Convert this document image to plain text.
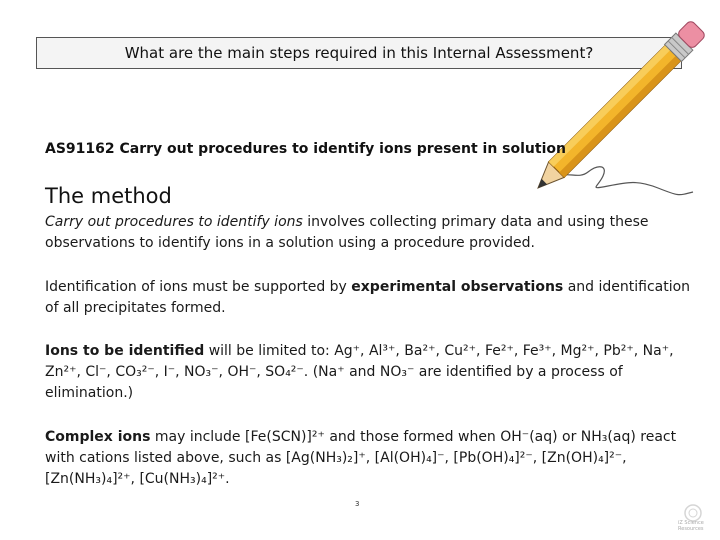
What are the main steps required in this Internal Assessment?
AS91162 Carry out procedures to identify ions present in solution
The method
Carry out procedures to identify ions involves collecting primary data and using these observations to identify ions in a solution using a procedure provided.
Identification of ions must be supported by experimental observations and identification of all precipitates formed.
Ions to be identified will be limited to: Ag⁺, Al³⁺, Ba²⁺, Cu²⁺, Fe²⁺, Fe³⁺, Mg²⁺, Pb²⁺, Na⁺, Zn²⁺, Cl⁻, CO₃²⁻, I⁻, NO₃⁻, OH⁻, SO₄²⁻. (Na⁺ and NO₃⁻ are identified by a process of elimination.)
Complex ions may include [Fe(SCN)]²⁺ and those formed when OH⁻(aq) or NH₃(aq) react with cations listed above, such as [Ag(NH₃)₂]⁺, [Al(OH)₄]⁻, [Pb(OH)₄]²⁻, [Zn(OH)₄]²⁻, [Zn(NH₃)₄]²⁺, [Cu(NH₃)₄]²⁺.
3
iZ Science Resources
